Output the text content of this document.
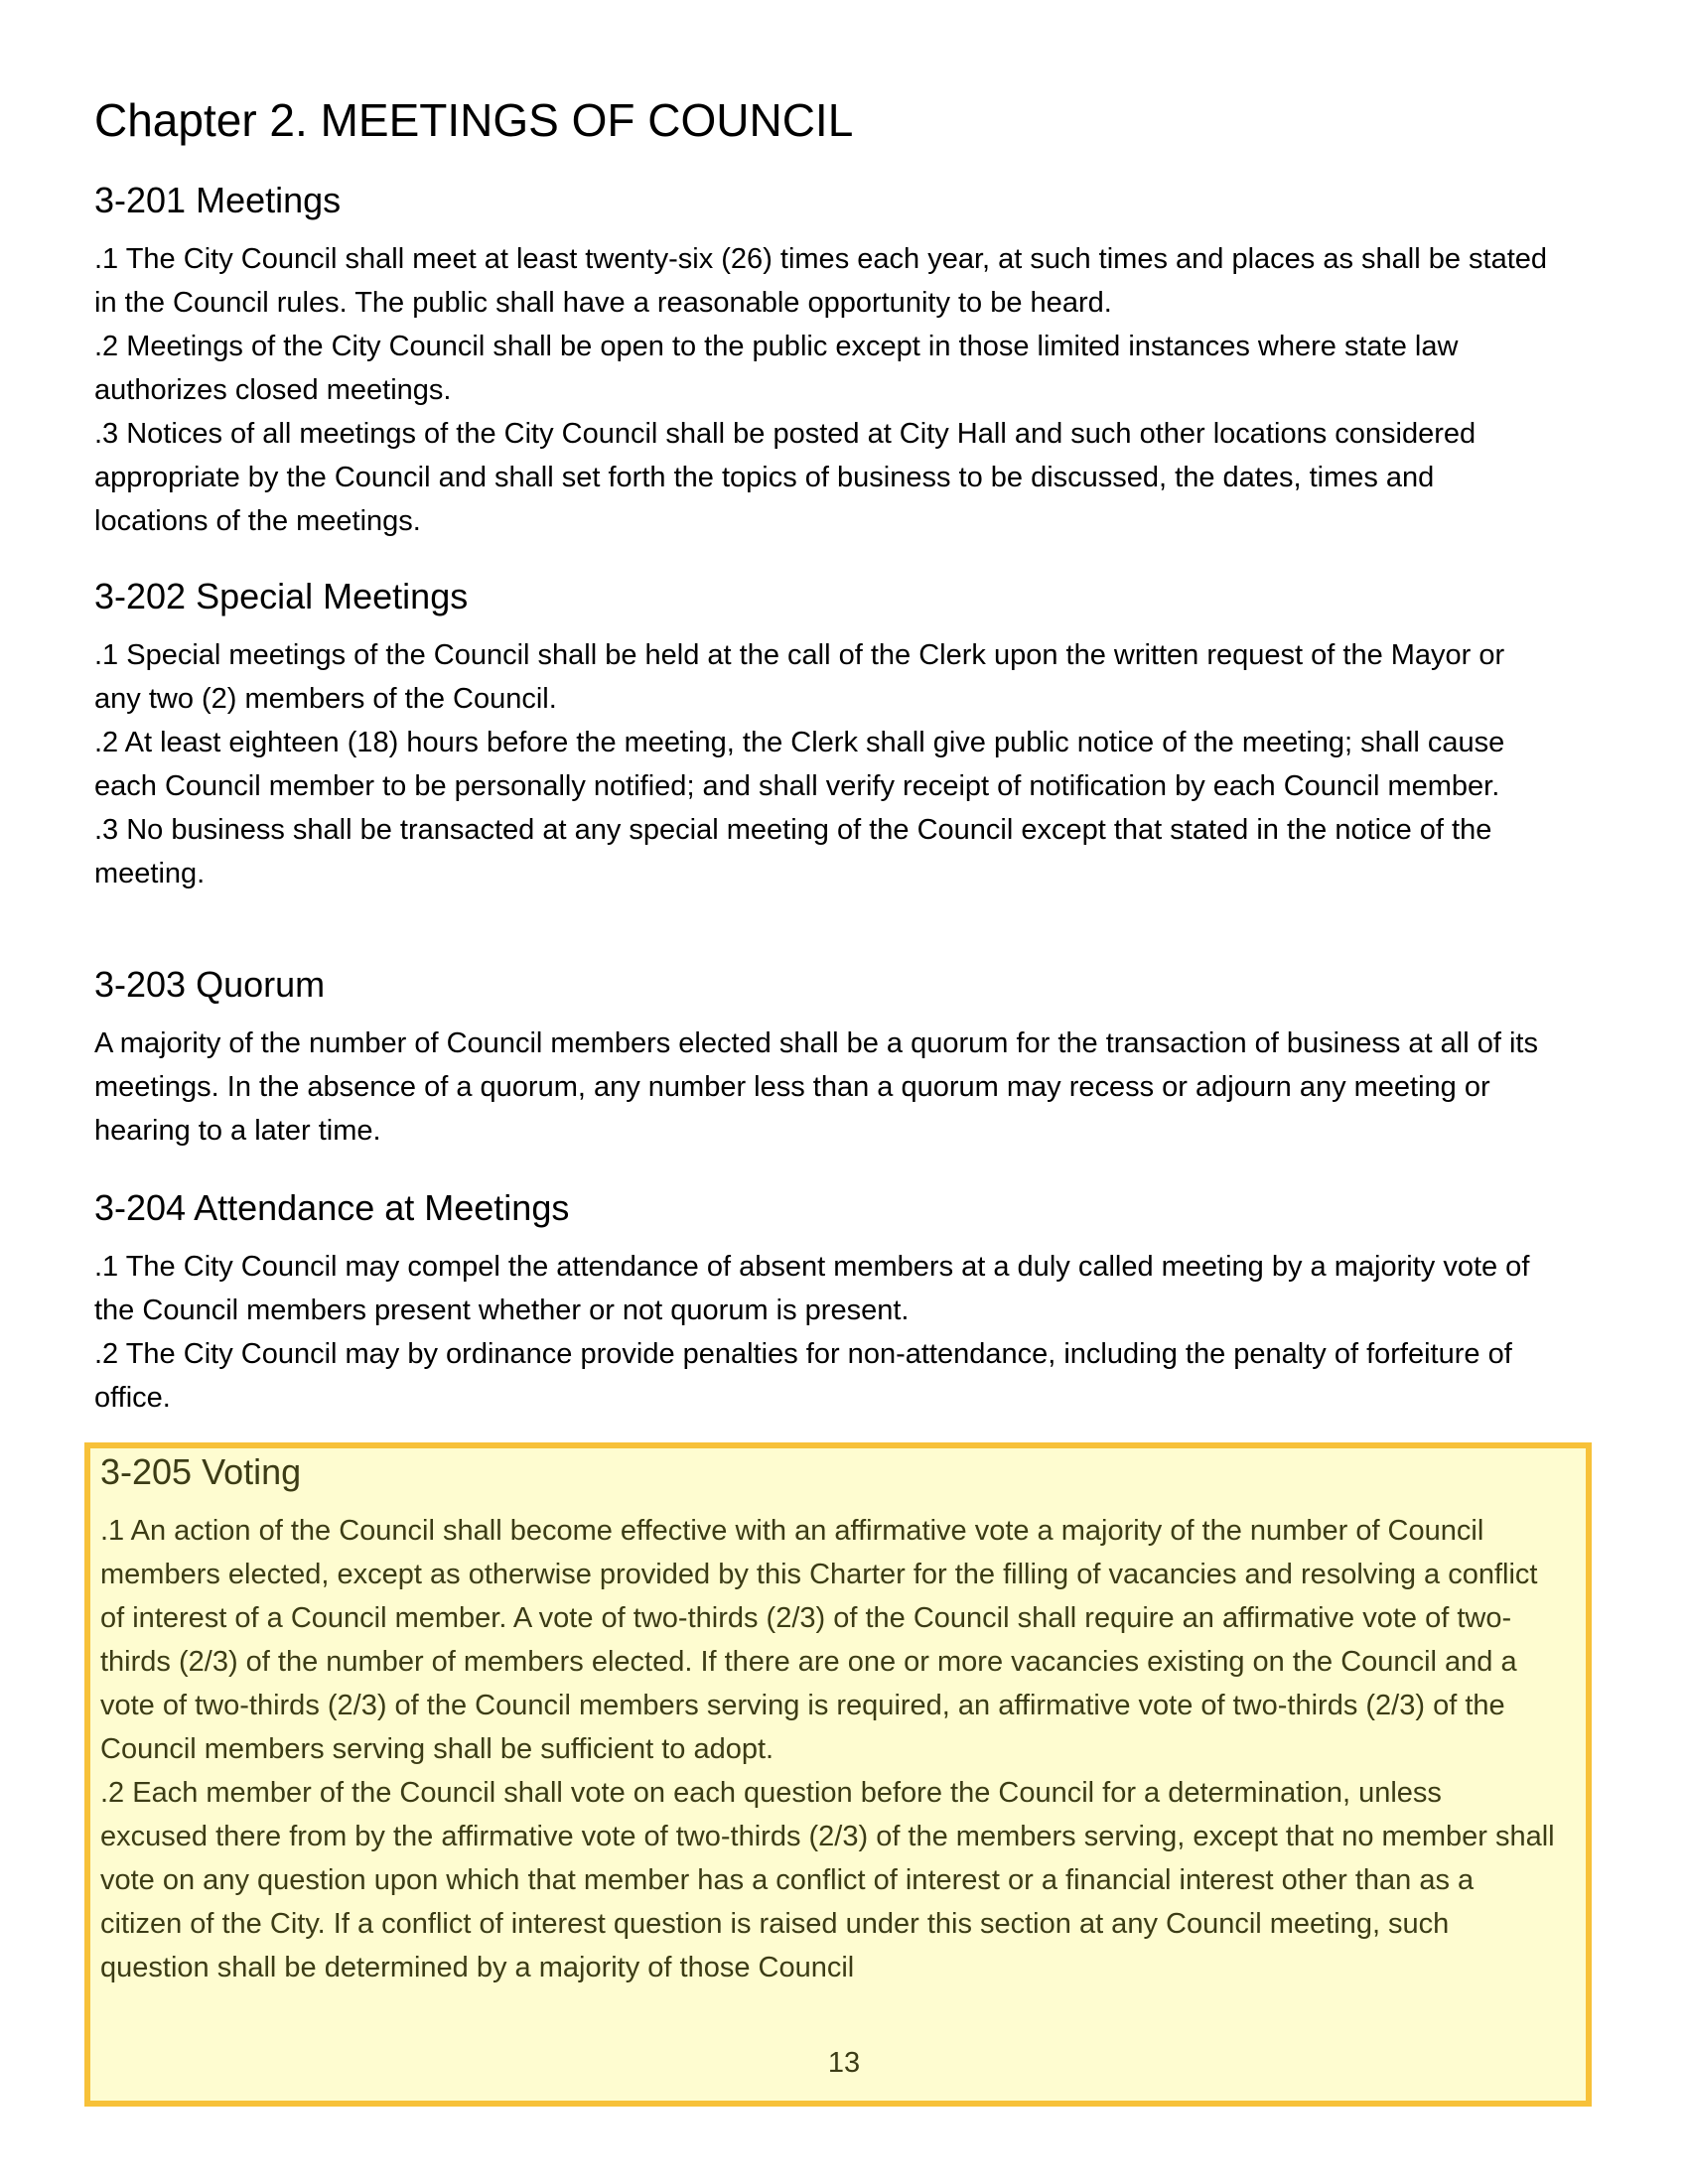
Chapter 2. MEETINGS OF COUNCIL
3-201 Meetings

.1 The City Council shall meet at least twenty-six (26) times each year, at such times and places as shall be stated in the Council rules. The public shall have a reasonable opportunity to be heard.

.2 Meetings of the City Council shall be open to the public except in those limited instances where state law authorizes closed meetings.

.3 Notices of all meetings of the City Council shall be posted at City Hall and such other locations considered appropriate by the Council and shall set forth the topics of business to be discussed, the dates, times and locations of the meetings.

3-202 Special Meetings

.1 Special meetings of the Council shall be held at the call of the Clerk upon the written request of the Mayor or any two (2) members of the Council.

.2 At least eighteen (18) hours before the meeting, the Clerk shall give public notice of the meeting; shall cause each Council member to be personally notified; and shall verify receipt of notification by each Council member.

.3 No business shall be transacted at any special meeting of the Council except that stated in the notice of the meeting.

3-203 Quorum

A majority of the number of Council members elected shall be a quorum for the transaction of business at all of its meetings. In the absence of a quorum, any number less than a quorum may recess or adjourn any meeting or hearing to a later time.

3-204 Attendance at Meetings

.1 The City Council may compel the attendance of absent members at a duly called meeting by a majority vote of the Council members present whether or not quorum is present.

.2 The City Council may by ordinance provide penalties for non-attendance, including the penalty of forfeiture of office.

3-205 Voting

.1 An action of the Council shall become effective with an affirmative vote a majority of the number of Council members elected, except as otherwise provided by this Charter for the filling of vacancies and resolving a conflict of interest of a Council member. A vote of two-thirds (2/3) of the Council shall require an affirmative vote of two-thirds (2/3) of the number of members elected. If there are one or more vacancies existing on the Council and a vote of two-thirds (2/3) of the Council members serving is required, an affirmative vote of two-thirds (2/3) of the Council members serving shall be sufficient to adopt.

.2 Each member of the Council shall vote on each question before the Council for a determination, unless excused there from by the affirmative vote of two-thirds (2/3) of the members serving, except that no member shall vote on any question upon which that member has a conflict of interest or a financial interest other than as a citizen of the City. If a conflict of interest question is raised under this section at any Council meeting, such question shall be determined by a majority of those Council

13
